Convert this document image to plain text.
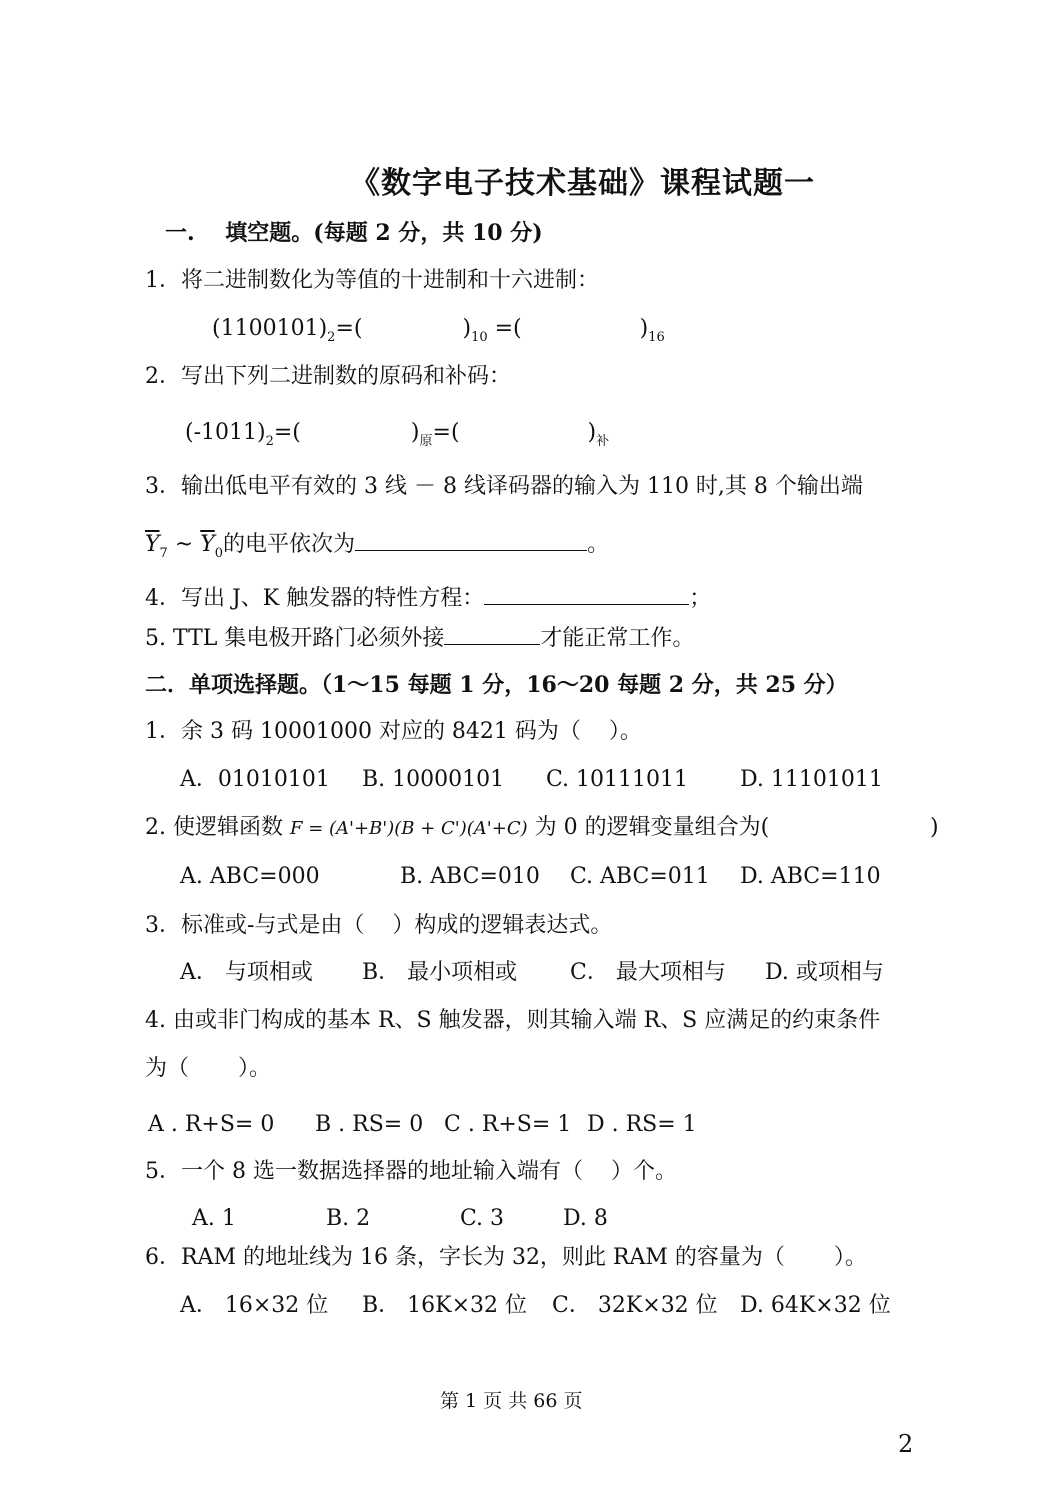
《数字电子技术基础》课程试题一
一.    填空题。(每题 2 分，共 10 分)
1．将二进制数化为等值的十进制和十六进制：
$(1100101)_2=$(	)$_{10}$ =(	)$_{16}$
2．写出下列二进制数的原码和补码：
$(-1011)_2=$(	)$_原=$(	)$_补$
3．输出低电平有效的 3 线 － 8 线译码器的输入为 110 时,其 8 个输出端
$\overline{Y}_7$ ~ $\overline{Y}_0$的电平依次为	。
4．写出 J、K 触发器的特性方程：	；
5. TTL 集电极开路门必须外接	才能正常工作。
二．单项选择题。（1～15 每题 1 分，16～20 每题 2 分，共 25 分）
1．余 3 码 10001000 对应的 8421 码为（    ）。
A．01010101 B. 10000101 C. 10111011 D. 11101011
2. 使逻辑函数 F = (A'+B')(B + C')(A'+C) 为 0 的逻辑变量组合为(	)
A. ABC=000	B. ABC=010 C. ABC=011 D. ABC=110
3．标准或-与式是由（    ）构成的逻辑表达式。
A． 与项相或 B． 最小项相或 C． 最大项相与 D. 或项相与
4. 由或非门构成的基本 R、S 触发器，则其输入端 R、S 应满足的约束条件
为（       ）。
A . R+S= 0 B . RS= 0 C . R+S= 1 D . RS= 1
5．一个 8 选一数据选择器的地址输入端有（    ）个。
A. 1	B. 2	C. 3	D. 8
6．RAM 的地址线为 16 条，字长为 32，则此 RAM 的容量为（       ）。
A． 16×32 位 B． 16K×32 位 C． 32K×32 位 D. 64K×32 位
第 1 页 共 66 页
2
